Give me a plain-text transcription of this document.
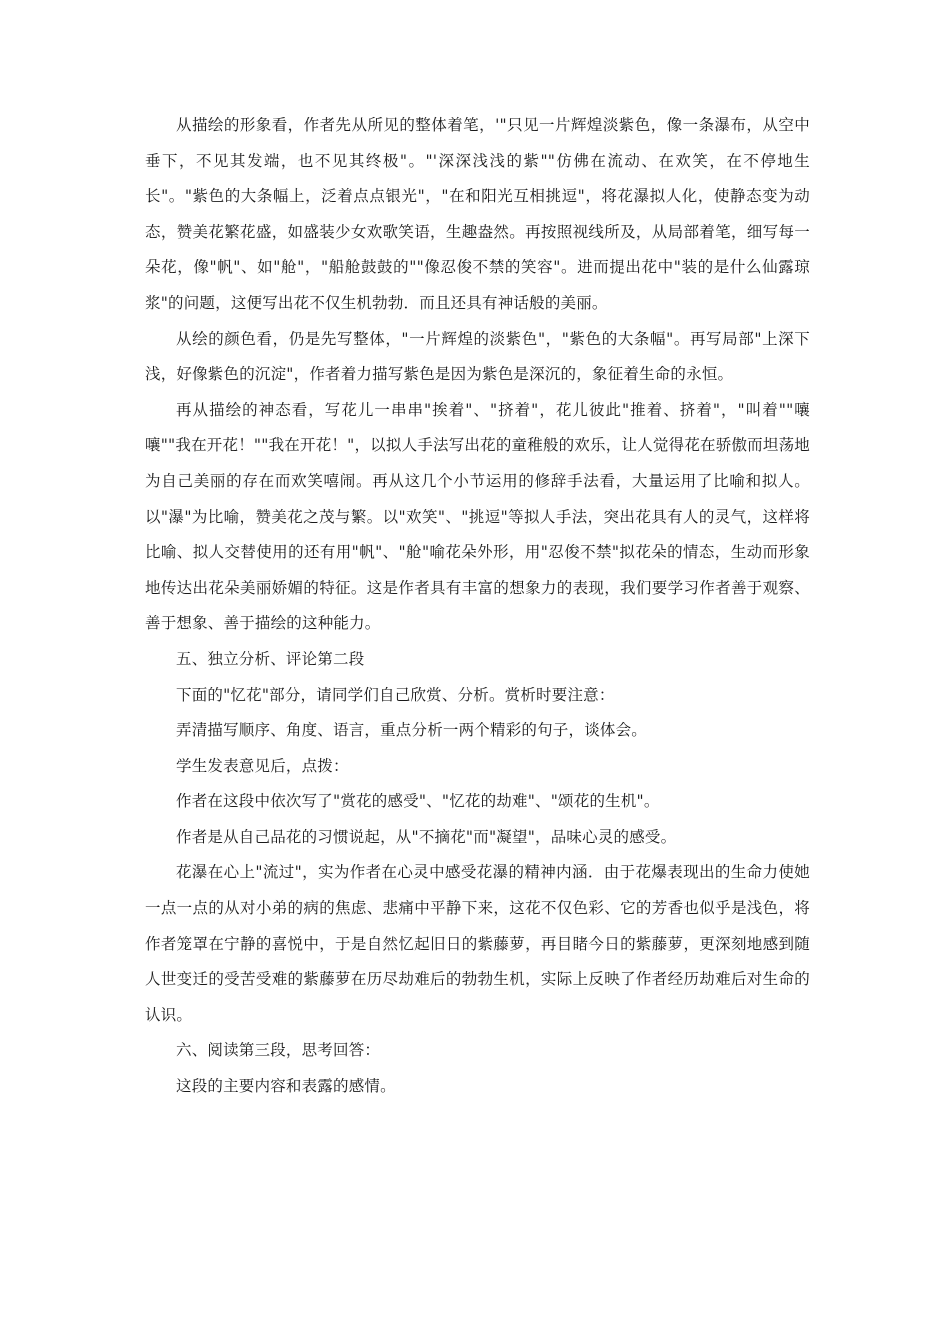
从描绘的形象看，作者先从所见的整体着笔，'"只见一片辉煌淡紫色，像一条瀑布，从空中垂下，不见其发端，也不见其终极"。"'深深浅浅的紫""仿佛在流动、在欢笑，在不停地生长"。"紫色的大条幅上，泛着点点银光"，"在和阳光互相挑逗"，将花瀑拟人化，使静态变为动态，赞美花繁花盛，如盛装少女欢歌笑语，生趣盎然。再按照视线所及，从局部着笔，细写每一朵花，像"帆"、如"舱"，"船舱鼓鼓的""像忍俊不禁的笑容"。进而提出花中"装的是什么仙露琼浆"的问题，这便写出花不仅生机勃勃．而且还具有神话般的美丽。

从绘的颜色看，仍是先写整体，"一片辉煌的淡紫色"，"紫色的大条幅"。再写局部"上深下浅，好像紫色的沉淀"，作者着力描写紫色是因为紫色是深沉的，象征着生命的永恒。

再从描绘的神态看，写花儿一串串"挨着"、"挤着"，花儿彼此"推着、挤着"，"叫着""嚷嚷""我在开花！""我在开花！"，以拟人手法写出花的童稚般的欢乐，让人觉得花在骄傲而坦荡地为自己美丽的存在而欢笑嘻闹。再从这几个小节运用的修辞手法看，大量运用了比喻和拟人。以"瀑"为比喻，赞美花之茂与繁。以"欢笑"、"挑逗"等拟人手法，突出花具有人的灵气，这样将比喻、拟人交替使用的还有用"帆"、"舱"喻花朵外形，用"忍俊不禁"拟花朵的情态，生动而形象地传达出花朵美丽娇媚的特征。这是作者具有丰富的想象力的表现，我们要学习作者善于观察、善于想象、善于描绘的这种能力。

五、独立分析、评论第二段

下面的"忆花"部分，请同学们自己欣赏、分析。赏析时要注意：

弄清描写顺序、角度、语言，重点分析一两个精彩的句子，谈体会。

学生发表意见后，点拨：

作者在这段中依次写了"赏花的感受"、"忆花的劫难"、"颂花的生机"。

作者是从自己品花的习惯说起，从"不摘花"而"凝望"，品味心灵的感受。

花瀑在心上"流过"，实为作者在心灵中感受花瀑的精神内涵．由于花爆表现出的生命力使她一点一点的从对小弟的病的焦虑、悲痛中平静下来，这花不仅色彩、它的芳香也似乎是浅色，将作者笼罩在宁静的喜悦中，于是自然忆起旧日的紫藤萝，再目睹今日的紫藤萝，更深刻地感到随人世变迁的受苦受难的紫藤萝在历尽劫难后的勃勃生机，实际上反映了作者经历劫难后对生命的认识。

六、阅读第三段，思考回答：

这段的主要内容和表露的感情。
